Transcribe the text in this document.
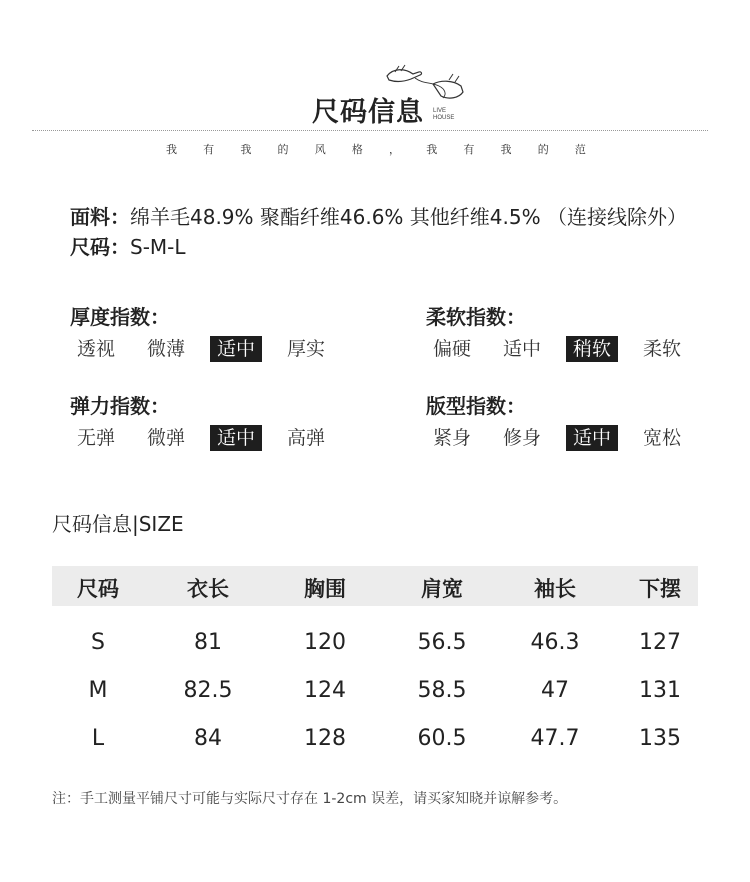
尺码信息 LIVE
HOUSE
我 有 我 的 风 格 ， 我 有 我 的 范
面料：绵羊毛48.9% 聚酯纤维46.6% 其他纤维4.5% （连接线除外）
尺码：S-M-L
厚度指数：
透视	微薄	适中	厚实
柔软指数：
偏硬	适中	稍软	柔软
弹力指数：
无弹	微弹	适中	高弹
版型指数：
紧身	修身	适中	宽松
尺码信息|SIZE
尺码	衣长	胸围	肩宽	袖长	下摆
S	81	120	56.5	46.3	127
M	82.5	124	58.5	47	131
L	84	128	60.5	47.7	135
注：手工测量平铺尺寸可能与实际尺寸存在 1-2cm 误差，请买家知晓并谅解参考。
